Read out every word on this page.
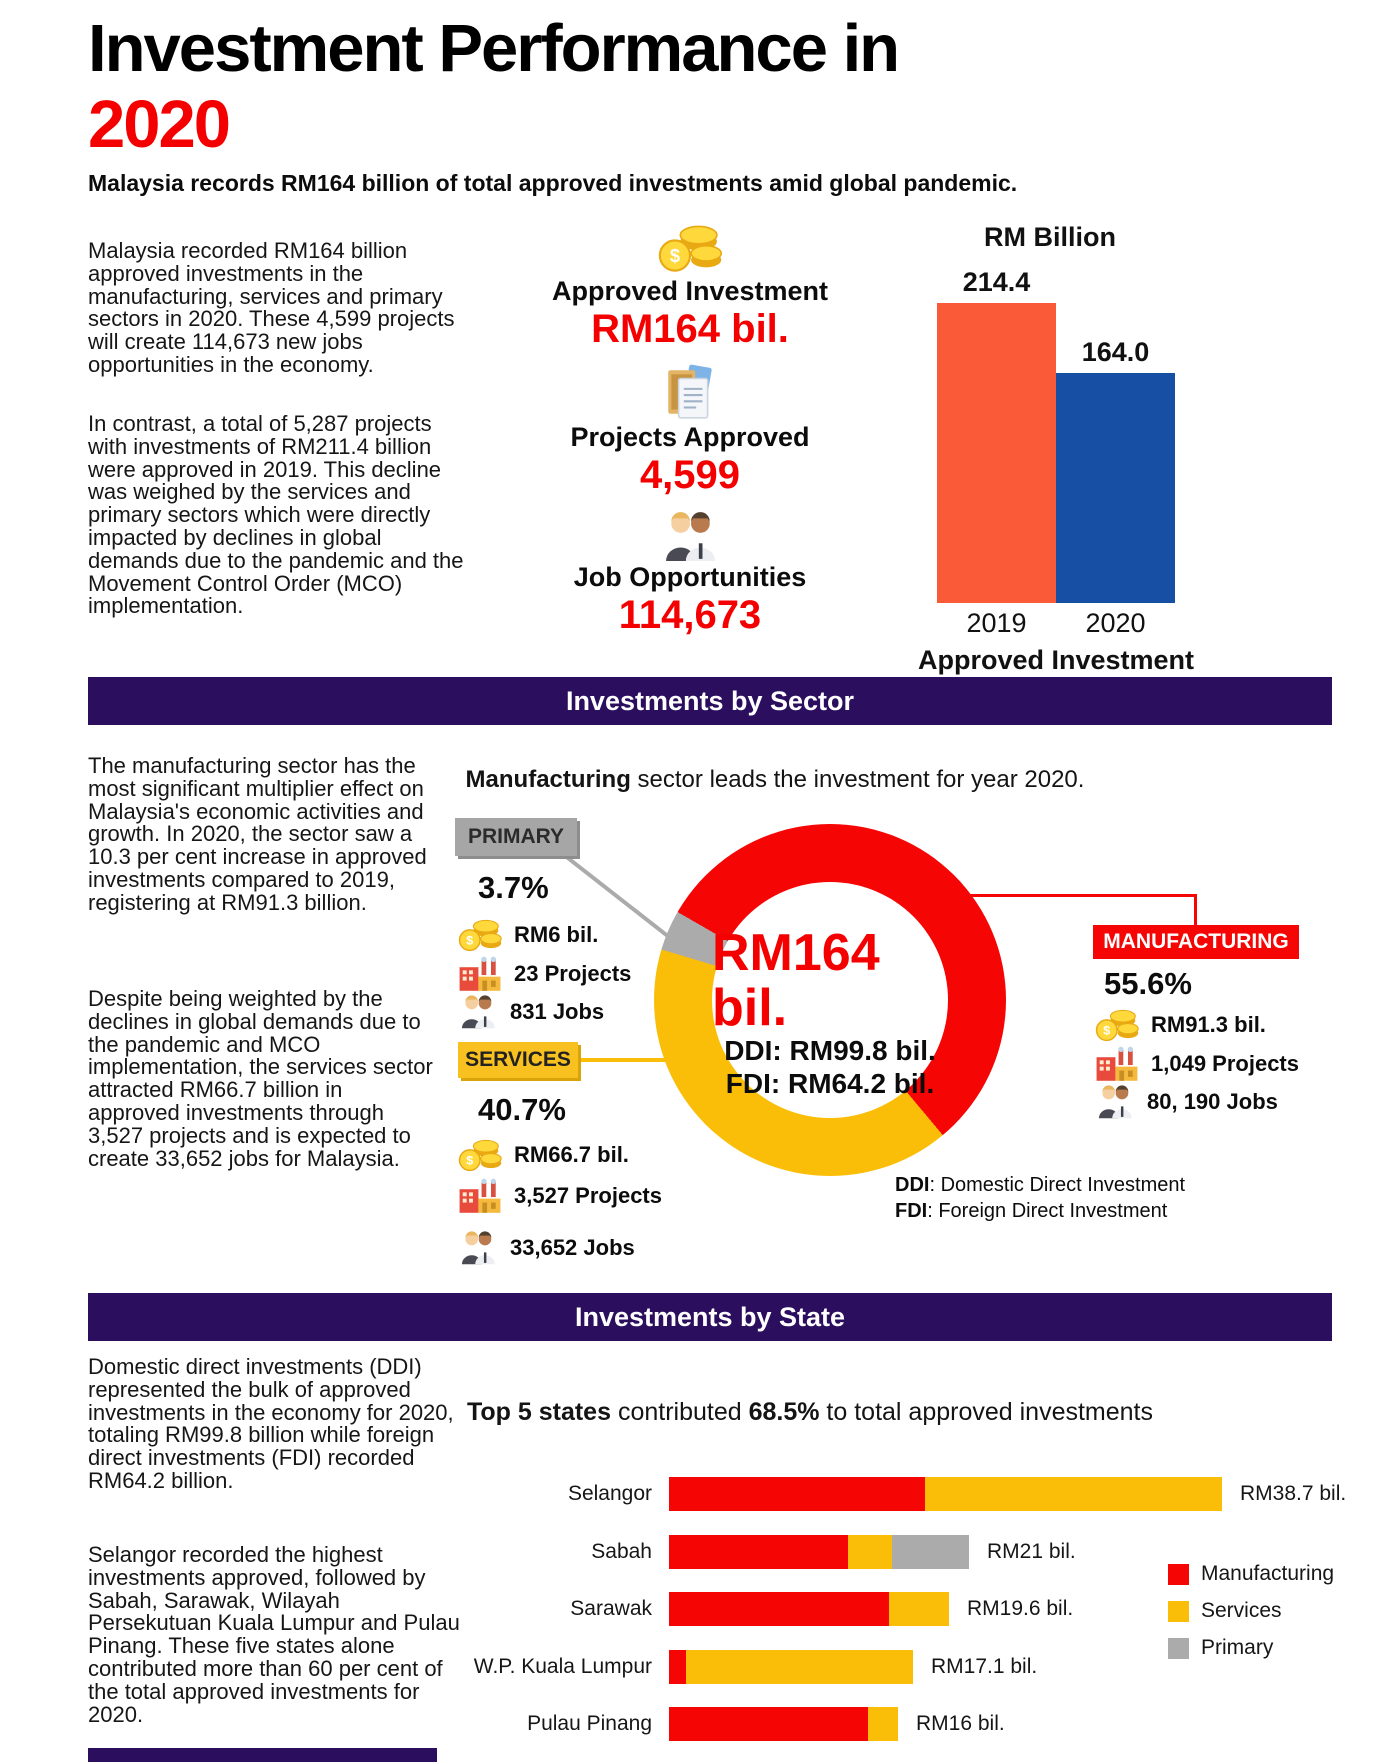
Investment Performance in
2020
Malaysia records RM164 billion of total approved investments amid global pandemic.
Malaysia recorded RM164 billion approved investments in the manufacturing, services and primary sectors in 2020. These 4,599 projects will create 114,673 new jobs opportunities in the economy.
In contrast, a total of 5,287 projects with investments of RM211.4 billion were approved in 2019. This decline was weighed by the services and primary sectors which were directly impacted by declines in global demands due to the pandemic and the Movement Control Order (MCO) implementation.
Approved Investment
RM164 bil.
Projects Approved
4,599
Job Opportunities
114,673
RM Billion
Approved Investment
Investments by Sector
The manufacturing sector has the most significant multiplier effect on Malaysia's economic activities and growth. In 2020, the sector saw a 10.3 per cent increase in approved investments compared to 2019, registering at RM91.3 billion.
Despite being weighted by the declines in global demands due to the pandemic and MCO implementation, the services sector attracted RM66.7 billion in approved investments through 3,527 projects and is expected to create 33,652 jobs for Malaysia.
Manufacturing sector leads the investment for year 2020.
RM164 bil.
DDI: RM99.8 bil.
FDI: RM64.2 bil.
PRIMARY
3.7%
RM6 bil.
23 Projects
831 Jobs
SERVICES
40.7%
RM66.7 bil.
3,527 Projects
33,652 Jobs
MANUFACTURING
55.6%
RM91.3 bil.
1,049 Projects
80, 190 Jobs
DDI: Domestic Direct Investment
FDI: Foreign Direct Investment
Investments by State
Domestic direct investments (DDI) represented the bulk of approved investments in the economy for 2020, totaling RM99.8 billion while foreign direct investments (FDI) recorded RM64.2 billion.
Selangor recorded the highest investments approved, followed by Sabah, Sarawak, Wilayah Persekutuan Kuala Lumpur and Pulau Pinang. These five states alone contributed more than 60 per cent of the total approved investments for 2020.
Top 5 states contributed 68.5% to total approved investments
Manufacturing
Services
Primary
214.4
2019
164.0
2020
Selangor	RM38.7 bil.
Sabah	RM21 bil.
Sarawak	RM19.6 bil.
W.P. Kuala Lumpur	RM17.1 bil.
Pulau Pinang	RM16 bil.
